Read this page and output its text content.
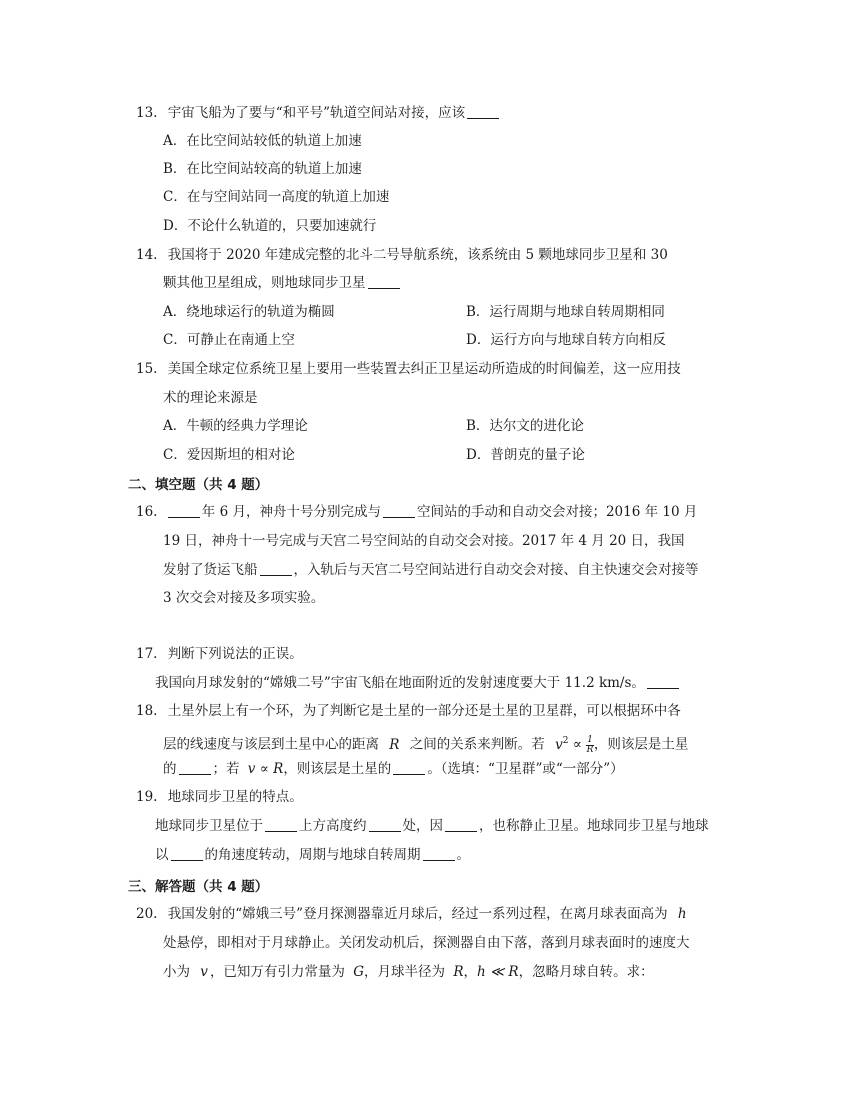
13. 宇宙飞船为了要与“和平号”轨道空间站对接，应该
A．在比空间站较低的轨道上加速
B．在比空间站较高的轨道上加速
C．在与空间站同一高度的轨道上加速
D．不论什么轨道的，只要加速就行
14. 我国将于 2020 年建成完整的北斗二号导航系统，该系统由 5 颗地球同步卫星和 30
颗其他卫星组成，则地球同步卫星
A．绕地球运行的轨道为椭圆	B．运行周期与地球自转周期相同
C．可静止在南通上空	D．运行方向与地球自转方向相反
15. 美国全球定位系统卫星上要用一些装置去纠正卫星运动所造成的时间偏差，这一应用技
术的理论来源是
A．牛顿的经典力学理论	B．达尔文的进化论
C．爱因斯坦的相对论	D．普朗克的量子论
二、填空题（共 4 题）
16.	年 6 月，神舟十号分别完成与	空间站的手动和自动交会对接；2016 年 10 月
19 日，神舟十一号完成与天宫二号空间站的自动交会对接。2017 年 4 月 20 日，我国
发射了货运飞船	，入轨后与天宫二号空间站进行自动交会对接、自主快速交会对接等
3 次交会对接及多项实验。
17. 判断下列说法的正误。
我国向月球发射的“嫦娥二号”宇宙飞船在地面附近的发射速度要大于 11.2 km/s。
18. 土星外层上有一个环，为了判断它是土星的一部分还是土星的卫星群，可以根据环中各
层的线速度与该层到土星中心的距离 R 之间的关系来判断。若 $v^2 \propto \frac{1}{R}$ ，则该层是土星
的	；若 v ∝ R，则该层是土星的	。（选填：“卫星群”或“一部分”）
19. 地球同步卫星的特点。
地球同步卫星位于	上方高度约	处，因	，也称静止卫星。地球同步卫星与地球
以	的角速度转动，周期与地球自转周期	。
三、解答题（共 4 题）
20. 我国发射的“嫦娥三号”登月探测器靠近月球后，经过一系列过程，在离月球表面高为 h
处悬停，即相对于月球静止。关闭发动机后，探测器自由下落，落到月球表面时的速度大
小为 v ，已知万有引力常量为 G，月球半径为 R，h ≪ R，忽略月球自转。求：
